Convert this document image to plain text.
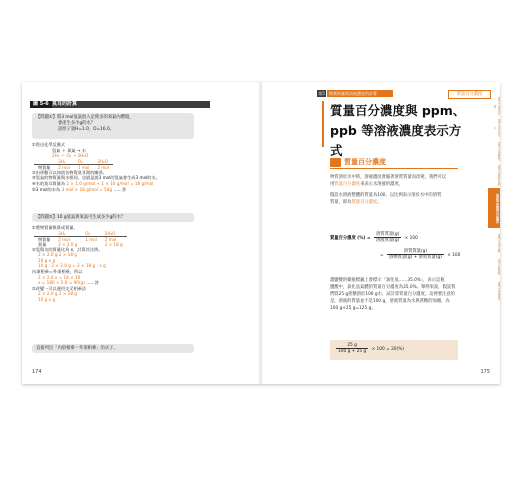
圖 5-6 莫耳的計算
【問題①】將3 mol氫氣放入足夠多的氧氣內燃燒，
會產生多少g的水？
設原子量H=1.0、O=16.0。
①寫出化學反應式
氫氣 ＋ 氧氣 → 水
2H₂ ＋ O₂ → 2H₂O
	2H₂	O₂	2H₂O
物質量	2 mol	1 mol	2 mol
②由係數可以知道各物質莫耳間的關係。
③氫氣的物質量與水相同，也就是說3 mol的氫氣會生成3 mol的水。
④水的莫耳質量為 2 × 1.0 g/mol + 1 × 16 g/mol = 18 g/mol
⑤3 mol的水為 3 mol × 18 g/mol = 54g ……答
【問題②】10 g氫氣與氧氣可生成多少g的水？
①將物質量換算成質量。
	2H₂	O₂	2H₂O
物質量	2 mol	1 mol	2 mol
質量	2 × 2.0 g		2 × 18 g
②氫與水的質量比為 x，計算其比例。
2 × 2.0 g 2 × 18 g
10 g x g
10 g : 2 × 2.0 g = 2 × 18 g : x g
內項相乘＝外項相乘，所以
2 × 2.0 x = 18 × 10
x = 180 ÷ 2.0 = 90(g) ……答
②改變一可以運用交叉相乘法
2 × 2.0 g 2 × 18 g
10 g x g
直接列出「內項相乘＝外項相乘」的式子。
174
第5章
物質的量與溶液濃度的計算	質量百分濃度
質量百分濃度與 ppm、
ppb 等溶液濃度表示方式
質量百分濃度
物質溶於水中時，溶液濃度會隨著溶質質量而改變，我們可以
用質量百分濃度來表示水溶液的濃度。
假設水溶液整體的質量為100，以比例表示溶於水中的溶質
質量，即為質量百分濃度。
質量百分濃度 (%) = $\frac{\text{溶質質量(g)}}{\text{溶液質量(g)}} \times 100$
= $\frac{\text{溶質質量(g)}}{\text{溶劑質量(g) + 溶質質量(g)}} \times 100$
濃鹽酸的藥瓶標籤上會標示「氯化氫……35.0%」，表示這瓶
鹽酸中，氯化氫氣體的質量百分濃度為35.0%。舉例來說，假設我
們將25 g蔗糖溶於100 g水，試計算質量百分濃度。這裡要注意的
是，溶液的質量並不是100 g，溶液質量為水與蔗糖的加總，為
100 g+25 g=125 g。
$\frac{25 g}{100 g + 25 g} \times 100 = 20(\%)$
175
第1章 化學是什麼
第2章 原子與分子
第3章 化學鍵結
第4章 物質的狀態
第5章 質量百分濃度
第6章 化學反應
第7章 酸與鹼
第8章 氧化還原
